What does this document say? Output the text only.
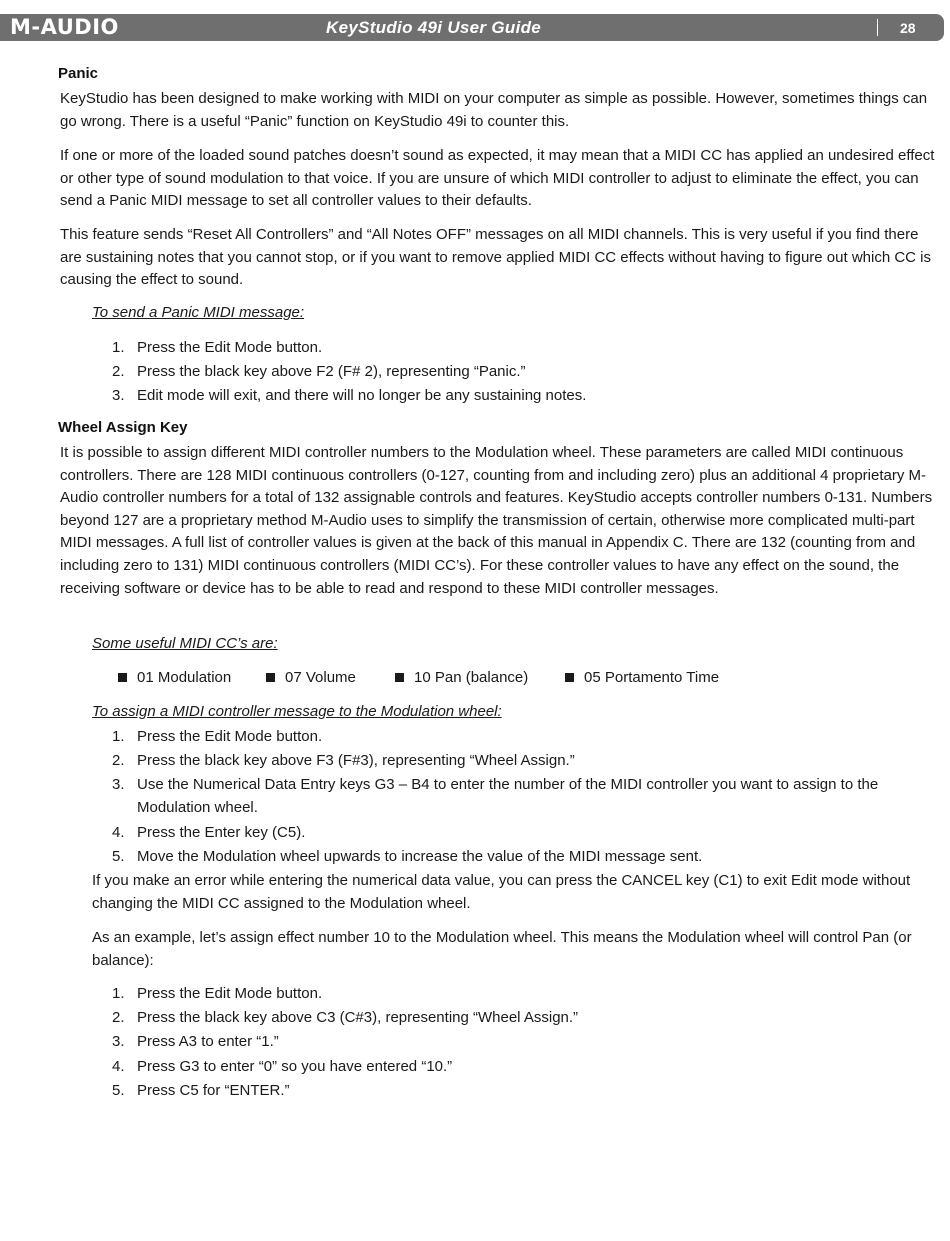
M-AUDIO	KeyStudio 49i User Guide	28
Panic
KeyStudio has been designed to make working with MIDI on your computer as simple as possible. However, sometimes things can go wrong. There is a useful “Panic” function on KeyStudio 49i to counter this.
If one or more of the loaded sound patches doesn’t sound as expected, it may mean that a MIDI CC has applied an undesired effect or other type of sound modulation to that voice. If you are unsure of which MIDI controller to adjust to eliminate the effect, you can send a Panic MIDI message to set all controller values to their defaults.
This feature sends “Reset All Controllers” and “All Notes OFF” messages on all MIDI channels. This is very useful if you find there are sustaining notes that you cannot stop, or if you want to remove applied MIDI CC effects without having to figure out which CC is causing the effect to sound.
To send a Panic MIDI message:
1. Press the Edit Mode button.
2. Press the black key above F2 (F# 2), representing “Panic.”
3. Edit mode will exit, and there will no longer be any sustaining notes.
Wheel Assign Key
It is possible to assign different MIDI controller numbers to the Modulation wheel. These parameters are called MIDI continuous controllers. There are 128 MIDI continuous controllers (0-127, counting from and including zero) plus an additional 4 proprietary M-Audio controller numbers for a total of 132 assignable controls and features. KeyStudio accepts controller numbers 0-131. Numbers beyond 127 are a proprietary method M-Audio uses to simplify the transmission of certain, otherwise more complicated multi-part MIDI messages. A full list of controller values is given at the back of this manual in Appendix C. There are 132 (counting from and including zero to 131) MIDI continuous controllers (MIDI CC’s). For these controller values to have any effect on the sound, the receiving software or device has to be able to read and respond to these MIDI controller messages.
Some useful MIDI CC’s are:
01 Modulation	07 Volume	10 Pan (balance)	05 Portamento Time
To assign a MIDI controller message to the Modulation wheel:
1. Press the Edit Mode button.
2. Press the black key above F3 (F#3), representing “Wheel Assign.”
3. Use the Numerical Data Entry keys G3 – B4 to enter the number of the MIDI controller you want to assign to the Modulation wheel.
4. Press the Enter key (C5).
5. Move the Modulation wheel upwards to increase the value of the MIDI message sent.
If you make an error while entering the numerical data value, you can press the CANCEL key (C1) to exit Edit mode without changing the MIDI CC assigned to the Modulation wheel.
As an example, let’s assign effect number 10 to the Modulation wheel. This means the Modulation wheel will control Pan (or balance):
1. Press the Edit Mode button.
2. Press the black key above C3 (C#3), representing “Wheel Assign.”
3. Press A3 to enter “1.”
4. Press G3 to enter “0” so you have entered “10.”
5. Press C5 for “ENTER.”
